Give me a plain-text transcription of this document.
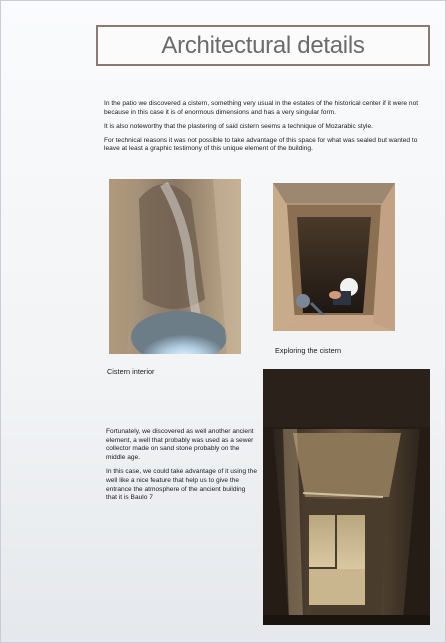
Architectural details

In the patio we discovered a cistern, something very usual in the estates of the historical center if it were not because in this case it is of enormous dimensions and has a very singular form.

It is also noteworthy that the plastering of said cistern seems a technique of Mozarabic style.

For technical reasons it was not possible to take advantage of this space for what was sealed but wanted to leave at least a graphic testimony of this unique element of the building.

Cistern interior
Exploring the cistern

Fortunately, we discovered as well another ancient element, a well that probably was used as a sewer collector made on sand stone probably on the middle age.

In this case, we could take advantage of it using the well like a nice feature that help us to give the entrance the atmosphere of the ancient building that it is Baulo 7
